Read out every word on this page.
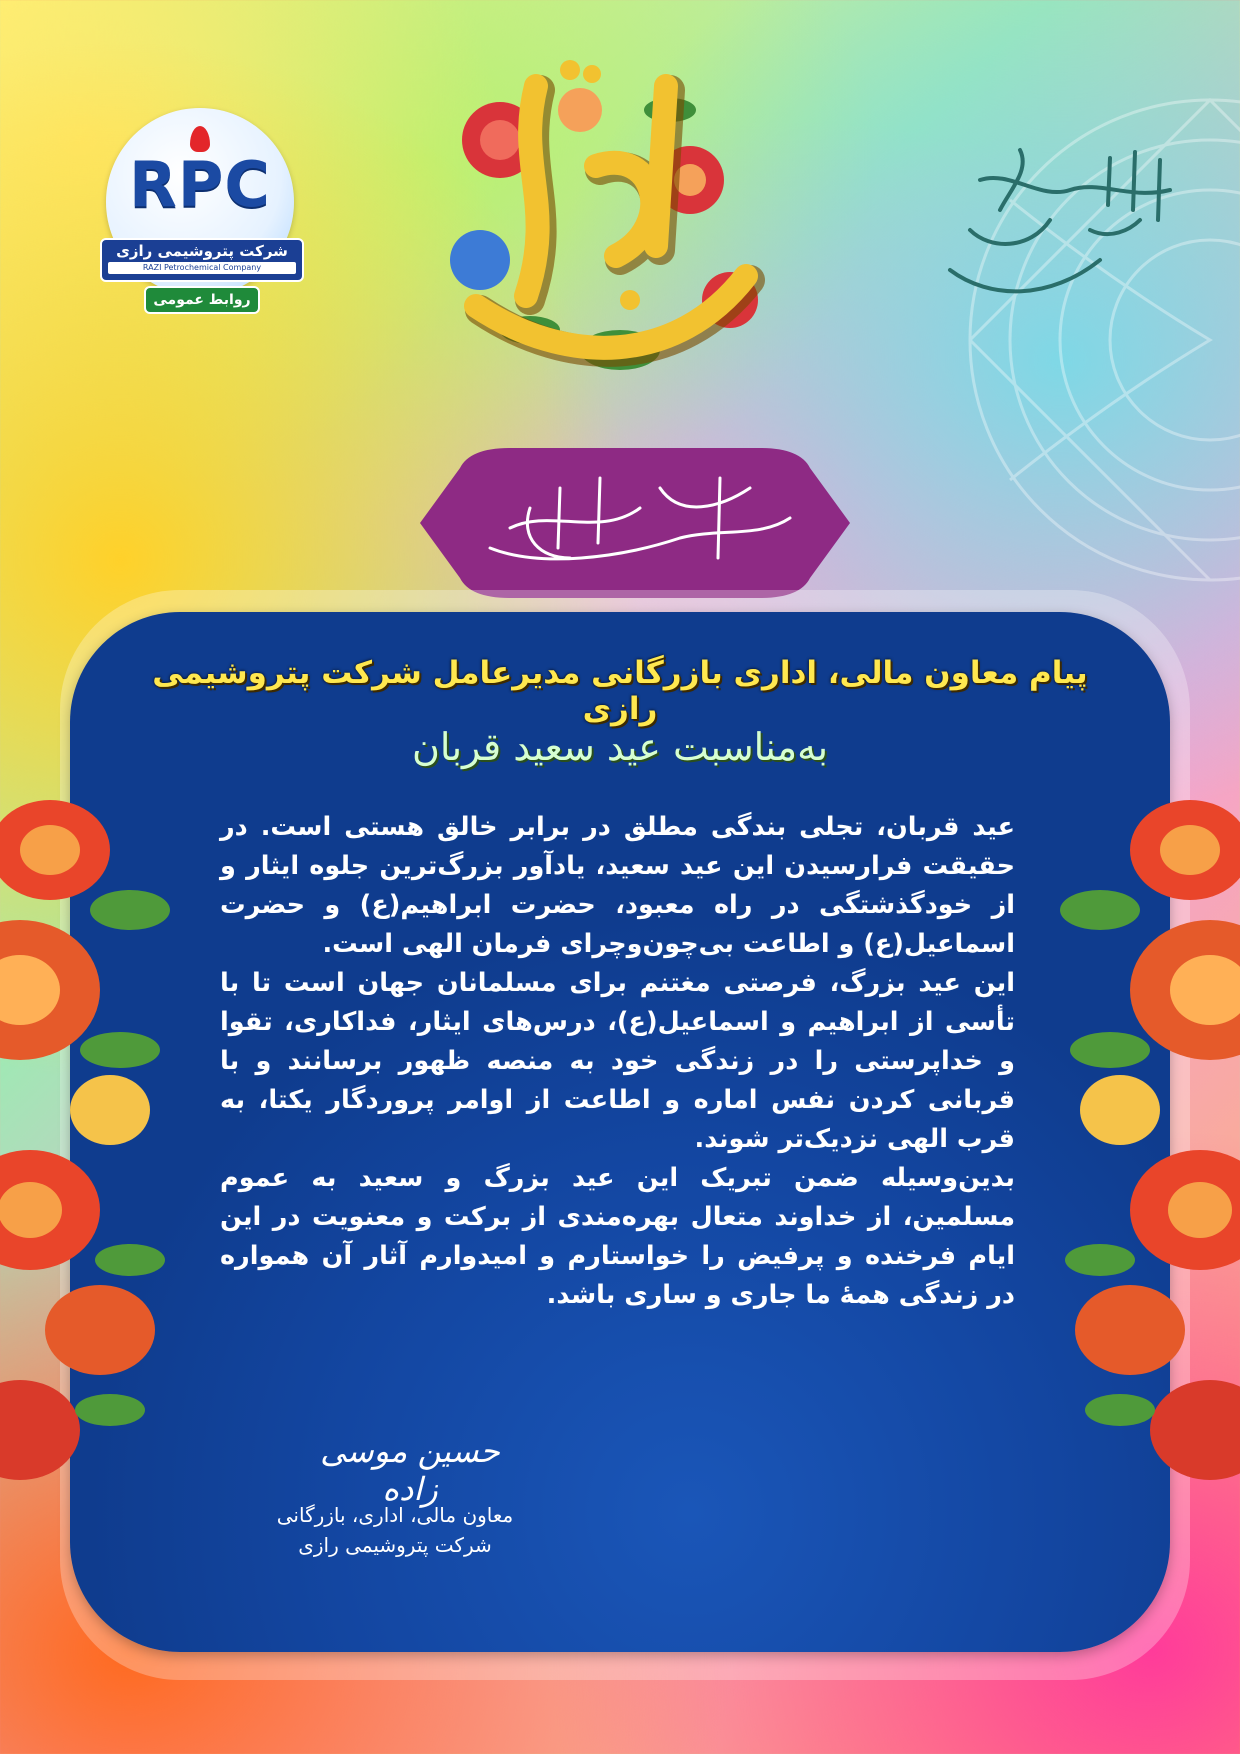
RPC
شرکت پتروشیمی رازی
RAZI Petrochemical Company
روابط عمومی
پیام معاون مالی، اداری بازرگانی مدیرعامل شرکت پتروشیمی رازی
به‌مناسبت عید سعید قربان

عید قربان، تجلی بندگی مطلق در برابر خالق هستی است. در حقیقت فرارسیدن این عید سعید، یادآور بزرگ‌ترین جلوه ایثار و از خودگذشتگی در راه معبود، حضرت ابراهیم(ع) و حضرت اسماعیل(ع) و اطاعت بی‌چون‌وچرای فرمان الهی است.

این عید بزرگ، فرصتی مغتنم برای مسلمانان جهان است تا با تأسی از ابراهیم و اسماعیل(ع)، درس‌های ایثار، فداکاری، تقوا و خداپرستی را در زندگی خود به منصه ظهور برسانند و با قربانی کردن نفس اماره و اطاعت از اوامر پروردگار یکتا، به قرب الهی نزدیک‌تر شوند.

بدین‌وسیله ضمن تبریک این عید بزرگ و سعید به عموم مسلمین، از خداوند متعال بهره‌مندی از برکت و معنویت در این ایام فرخنده و پرفیض را خواستارم و امیدوارم آثار آن همواره در زندگی همهٔ ما جاری و ساری باشد.

حسین موسی زاده
معاون مالی، اداری، بازرگانی
شرکت پتروشیمی رازی
